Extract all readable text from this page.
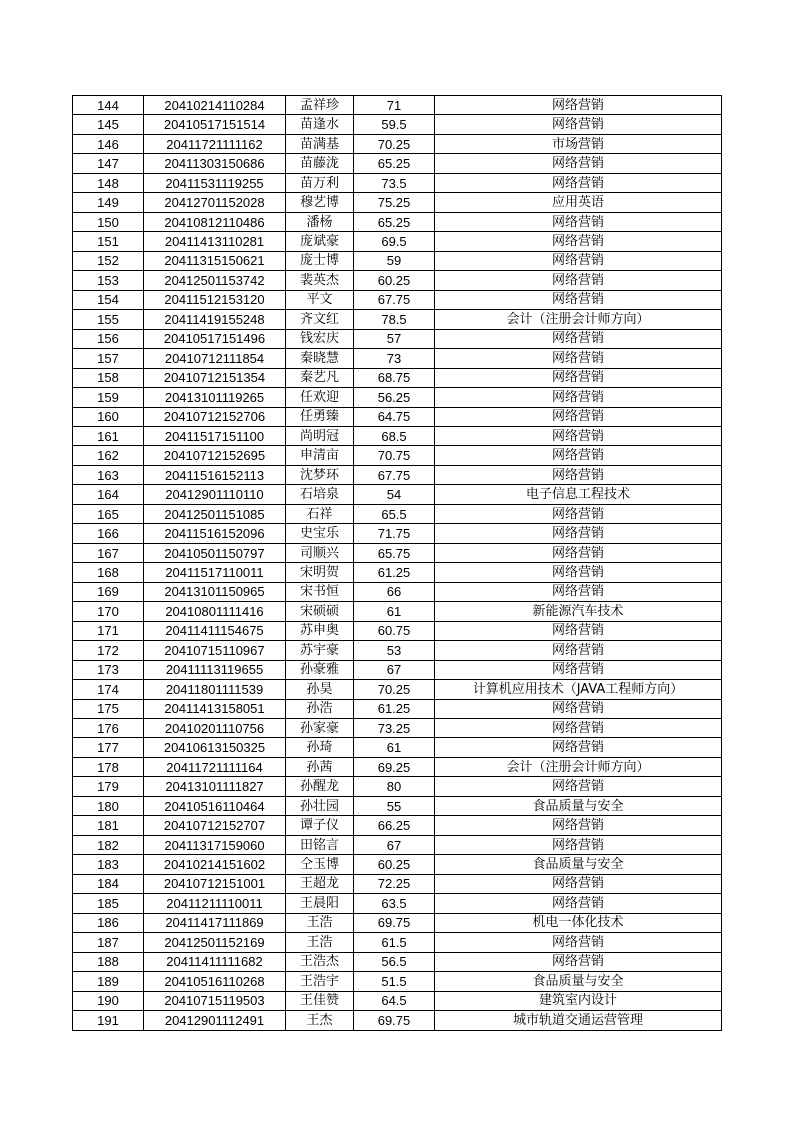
144	20410214110284	孟祥珍	71	网络营销
145	20410517151514	苗逢水	59.5	网络营销
146	20411721111162	苗满基	70.25	市场营销
147	20411303150686	苗藤泷	65.25	网络营销
148	20411531119255	苗万利	73.5	网络营销
149	20412701152028	穆艺博	75.25	应用英语
150	20410812110486	潘杨	65.25	网络营销
151	20411413110281	庞斌豪	69.5	网络营销
152	20411315150621	庞士博	59	网络营销
153	20412501153742	裴英杰	60.25	网络营销
154	20411512153120	平文	67.75	网络营销
155	20411419155248	齐文红	78.5	会计（注册会计师方向）
156	20410517151496	钱宏庆	57	网络营销
157	20410712111854	秦晓慧	73	网络营销
158	20410712151354	秦艺凡	68.75	网络营销
159	20413101119265	任欢迎	56.25	网络营销
160	20410712152706	任勇臻	64.75	网络营销
161	20411517151100	尚明冠	68.5	网络营销
162	20410712152695	申清亩	70.75	网络营销
163	20411516152113	沈梦环	67.75	网络营销
164	20412901110110	石培泉	54	电子信息工程技术
165	20412501151085	石祥	65.5	网络营销
166	20411516152096	史宝乐	71.75	网络营销
167	20410501150797	司顺兴	65.75	网络营销
168	20411517110011	宋明贺	61.25	网络营销
169	20413101150965	宋书恒	66	网络营销
170	20410801111416	宋硕硕	61	新能源汽车技术
171	20411411154675	苏申奥	60.75	网络营销
172	20410715110967	苏宇豪	53	网络营销
173	20411113119655	孙豪雅	67	网络营销
174	20411801111539	孙昊	70.25	计算机应用技术（JAVA工程师方向）
175	20411413158051	孙浩	61.25	网络营销
176	20410201110756	孙家豪	73.25	网络营销
177	20410613150325	孙琦	61	网络营销
178	20411721111164	孙茜	69.25	会计（注册会计师方向）
179	20413101111827	孙醒龙	80	网络营销
180	20410516110464	孙壮园	55	食品质量与安全
181	20410712152707	谭子仪	66.25	网络营销
182	20411317159060	田铭言	67	网络营销
183	20410214151602	仝玉博	60.25	食品质量与安全
184	20410712151001	王超龙	72.25	网络营销
185	20411211110011	王晨阳	63.5	网络营销
186	20411417111869	王浩	69.75	机电一体化技术
187	20412501152169	王浩	61.5	网络营销
188	20411411111682	王浩杰	56.5	网络营销
189	20410516110268	王浩宇	51.5	食品质量与安全
190	20410715119503	王佳赞	64.5	建筑室内设计
191	20412901112491	王杰	69.75	城市轨道交通运营管理
